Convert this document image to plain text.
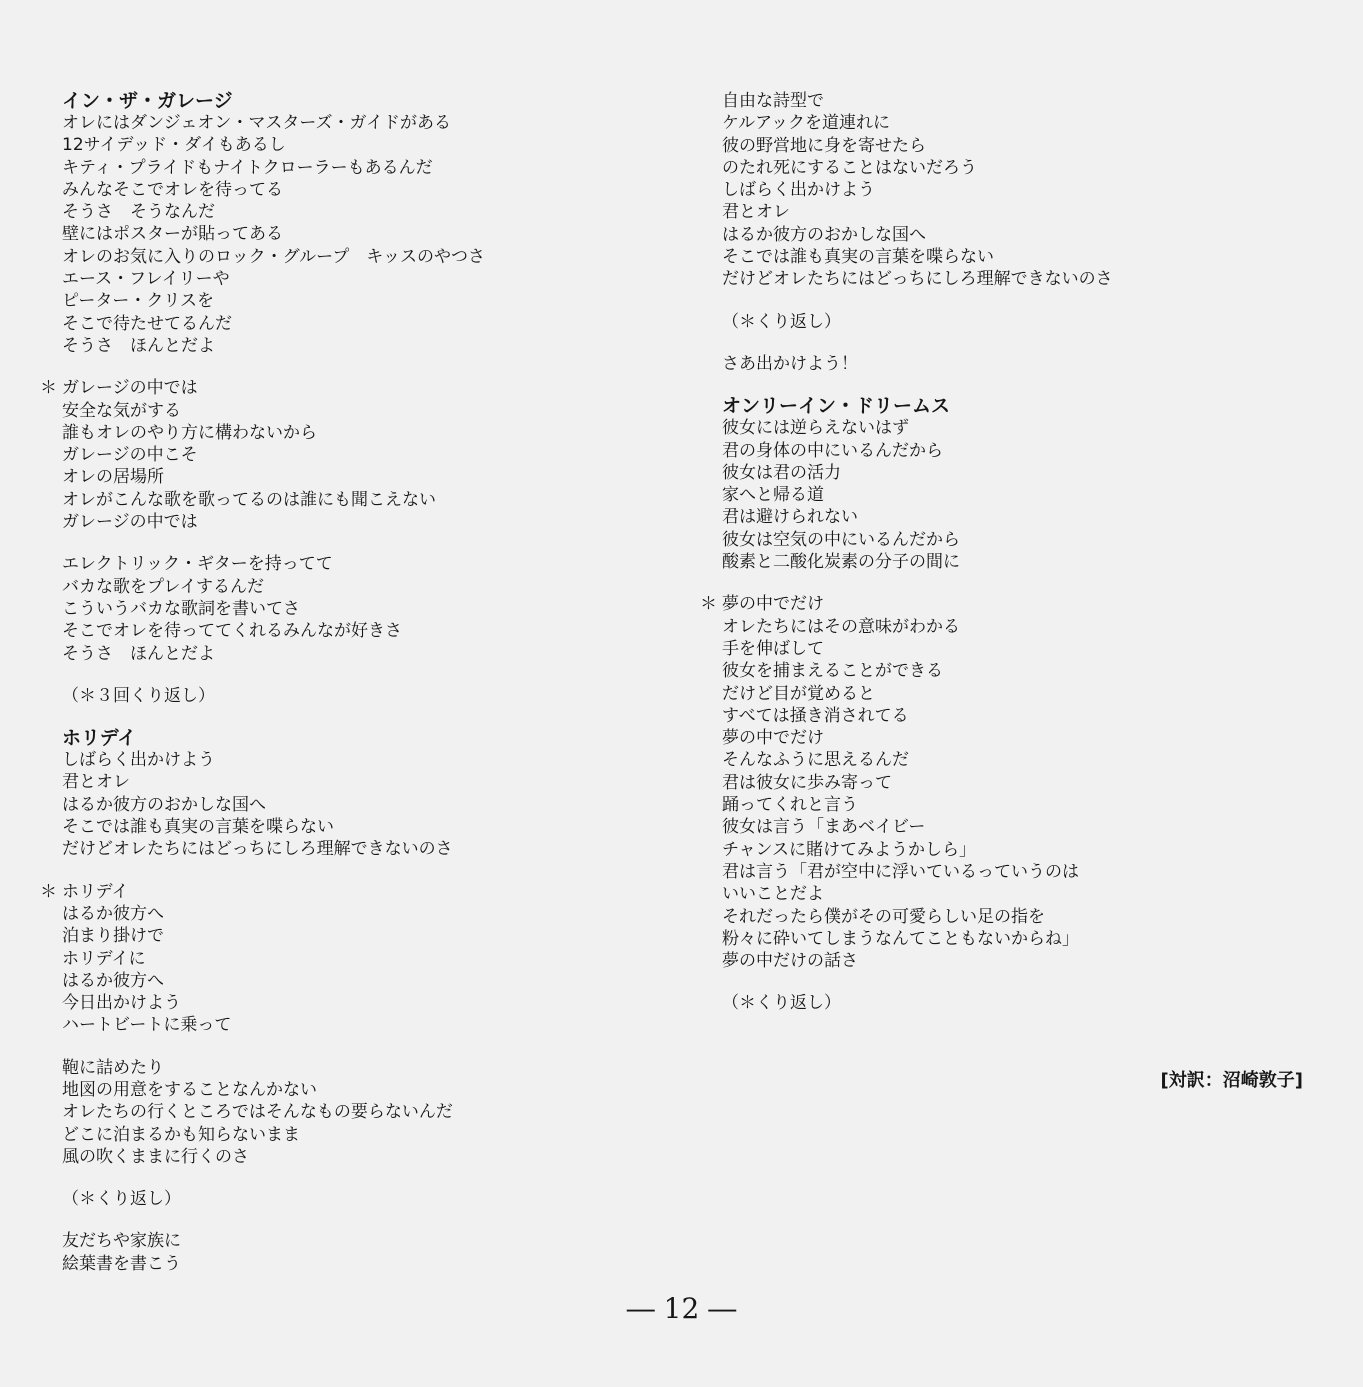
イン・ザ・ガレージ
オレにはダンジェオン・マスターズ・ガイドがある
12サイデッド・ダイもあるし
キティ・プライドもナイトクローラーもあるんだ
みんなそこでオレを待ってる
そうさ　そうなんだ
壁にはポスターが貼ってある
オレのお気に入りのロック・グループ　キッスのやつさ
エース・フレイリーや
ピーター・クリスを
そこで待たせてるんだ
そうさ　ほんとだよ
＊ ガレージの中では
安全な気がする
誰もオレのやり方に構わないから
ガレージの中こそ
オレの居場所
オレがこんな歌を歌ってるのは誰にも聞こえない
ガレージの中では
エレクトリック・ギターを持ってて
バカな歌をプレイするんだ
こういうバカな歌詞を書いてさ
そこでオレを待っててくれるみんなが好きさ
そうさ　ほんとだよ
（＊３回くり返し）
ホリデイ
しばらく出かけよう
君とオレ
はるか彼方のおかしな国へ
そこでは誰も真実の言葉を喋らない
だけどオレたちにはどっちにしろ理解できないのさ
＊ ホリデイ
はるか彼方へ
泊まり掛けで
ホリデイに
はるか彼方へ
今日出かけよう
ハートビートに乗って
鞄に詰めたり
地図の用意をすることなんかない
オレたちの行くところではそんなもの要らないんだ
どこに泊まるかも知らないまま
風の吹くままに行くのさ
（＊くり返し）
友だちや家族に
絵葉書を書こう
自由な詩型で
ケルアックを道連れに
彼の野営地に身を寄せたら
のたれ死にすることはないだろう
しばらく出かけよう
君とオレ
はるか彼方のおかしな国へ
そこでは誰も真実の言葉を喋らない
だけどオレたちにはどっちにしろ理解できないのさ
（＊くり返し）
さあ出かけよう！
オンリーイン・ドリームス
彼女には逆らえないはず
君の身体の中にいるんだから
彼女は君の活力
家へと帰る道
君は避けられない
彼女は空気の中にいるんだから
酸素と二酸化炭素の分子の間に
＊ 夢の中でだけ
オレたちにはその意味がわかる
手を伸ばして
彼女を捕まえることができる
だけど目が覚めると
すべては掻き消されてる
夢の中でだけ
そんなふうに思えるんだ
君は彼女に歩み寄って
踊ってくれと言う
彼女は言う「まあベイビー
チャンスに賭けてみようかしら」
君は言う「君が空中に浮いているっていうのは
いいことだよ
それだったら僕がその可愛らしい足の指を
粉々に砕いてしまうなんてこともないからね」
夢の中だけの話さ
（＊くり返し）
[対訳：沼崎敦子]
― 12 ―
